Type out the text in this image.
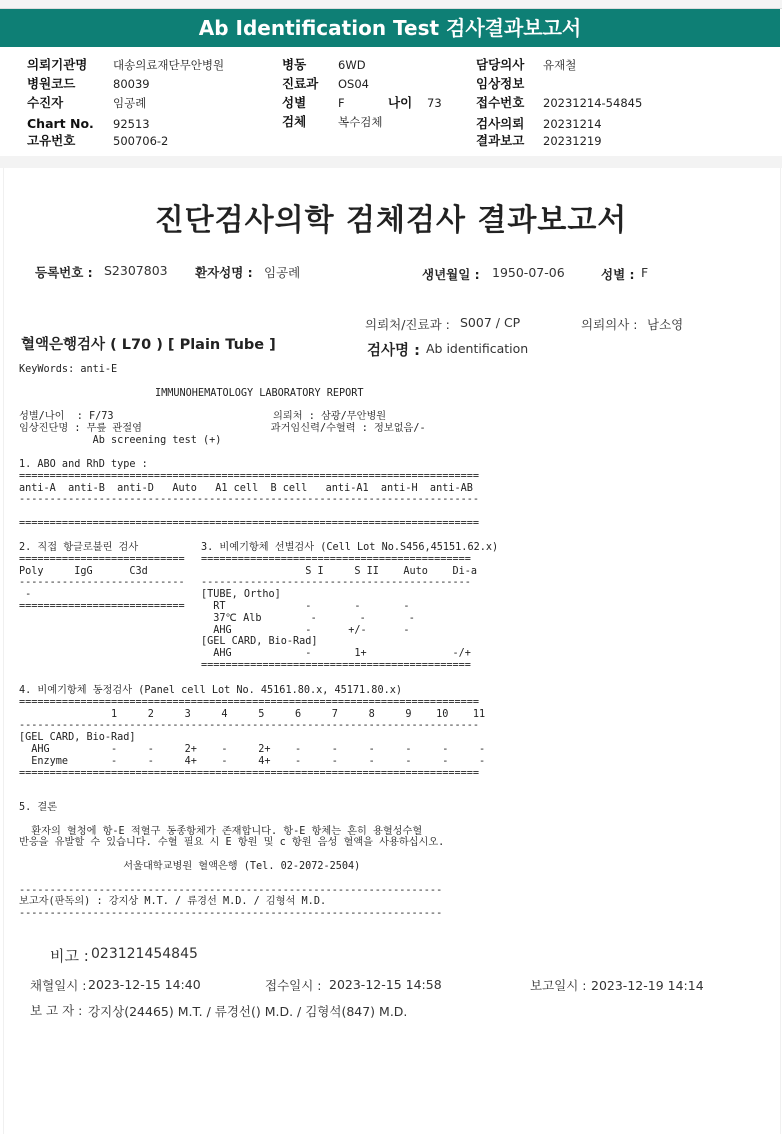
Ab Identification Test 검사결과보고서
의뢰기관명 대송의료재단무안병원
병원코드	80039
수진자	임공례
Chart No. 92513
고유번호	500706-2
병동	6WD
진료과 OS04
성별	F	나이 73
검체	복수검체
담당의사 유재철
임상정보
접수번호 20231214-54845
검사의뢰 20231214
결과보고 20231219
진단검사의학 검체검사 결과보고서
등록번호 : S2307803 환자성명 : 임공례	생년월일 : 1950-07-06	성별 : F
의뢰처/진료과 : S007 / CP	의뢰의사 : 남소영
혈액은행검사 ( L70 ) [ Plain Tube ]	검사명 : Ab identification
KeyWords: anti-E
IMMUNOHEMATOLOGY LABORATORY REPORT
성별/나이  : F/73                          의뢰처 : 삼광/무안병원
임상진단명 : 무릎 관절염                     과거임신력/수혈력 : 정보없음/-
Ab screening test (+)
1. ABO and RhD type :
===========================================================================
anti-A  anti-B  anti-D   Auto   A1 cell  B cell   anti-A1  anti-H  anti-AB
---------------------------------------------------------------------------

===========================================================================
2. 직접 항글로불린 검사
===========================
Poly     IgG      C3d
---------------------------
-
===========================
3. 비예기항체 선별검사 (Cell Lot No.S456,45151.62.x)
============================================
S I     S II    Auto    Di-a
--------------------------------------------
[TUBE, Ortho]
RT             -       -       -
37℃ Alb        -       -       -
AHG            -      +/-      -
[GEL CARD, Bio-Rad]
AHG            -       1+              -/+
============================================
4. 비예기항체 동정검사 (Panel cell Lot No. 45161.80.x, 45171.80.x)
===========================================================================
1     2     3     4     5     6     7     8     9    10    11
---------------------------------------------------------------------------
[GEL CARD, Bio-Rad]
AHG          -     -     2+    -     2+    -     -     -     -     -     -
Enzyme       -     -     4+    -     4+    -     -     -     -     -     -
===========================================================================
5. 결론

환자의 혈청에 항-E 적혈구 동종항체가 존재합니다. 항-E 항체는 흔히 용혈성수혈
반응을 유발할 수 있습니다. 수혈 필요 시 E 항원 및 c 항원 음성 혈액을 사용하십시오.

서울대학교병원 혈액은행 (Tel. 02-2072-2504)

---------------------------------------------------------------------
보고자(판독의) : 강지상 M.T. / 류경선 M.D. / 김형석 M.D.
---------------------------------------------------------------------
비고 : 023121454845
채혈일시 : 2023-12-15 14:40	접수일시 : 2023-12-15 14:58	보고일시 : 2023-12-19 14:14
보 고 자 : 강지상(24465) M.T. / 류경선() M.D. / 김형석(847) M.D.
